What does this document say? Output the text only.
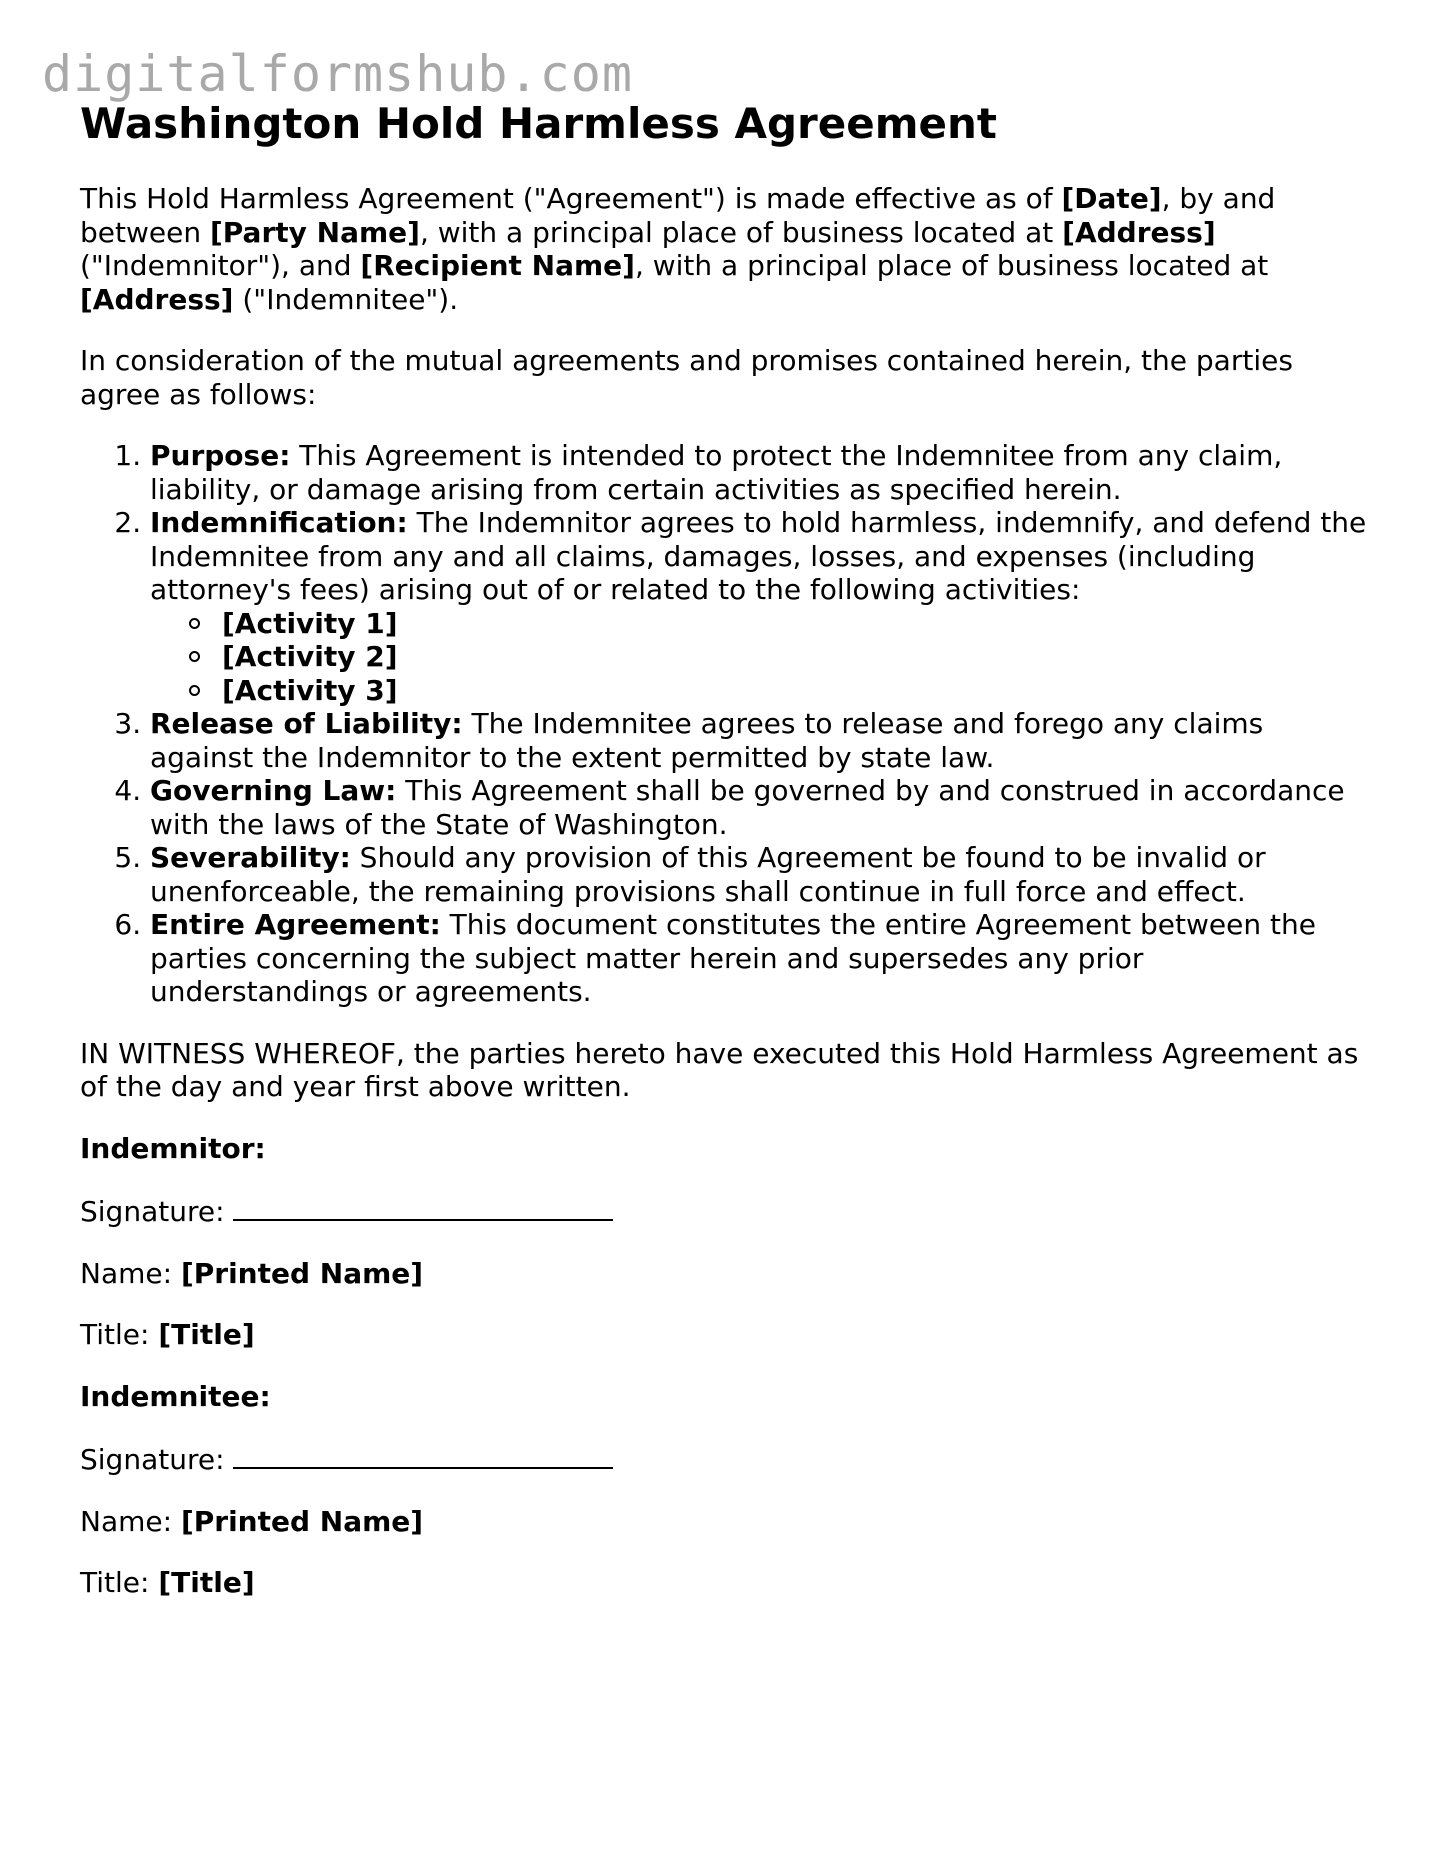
digitalformshub.com
Washington Hold Harmless Agreement

This Hold Harmless Agreement ("Agreement") is made effective as of [Date], by and between [Party Name], with a principal place of business located at [Address] ("Indemnitor"), and [Recipient Name], with a principal place of business located at [Address] ("Indemnitee").

In consideration of the mutual agreements and promises contained herein, the parties agree as follows:

1. Purpose: This Agreement is intended to protect the Indemnitee from any claim, liability, or damage arising from certain activities as specified herein.
2. Indemnification: The Indemnitor agrees to hold harmless, indemnify, and defend the Indemnitee from any and all claims, damages, losses, and expenses (including attorney's fees) arising out of or related to the following activities:
[Activity 1]
[Activity 2]
[Activity 3]
3. Release of Liability: The Indemnitee agrees to release and forego any claims against the Indemnitor to the extent permitted by state law.
4. Governing Law: This Agreement shall be governed by and construed in accordance with the laws of the State of Washington.
5. Severability: Should any provision of this Agreement be found to be invalid or unenforceable, the remaining provisions shall continue in full force and effect.
6. Entire Agreement: This document constitutes the entire Agreement between the parties concerning the subject matter herein and supersedes any prior understandings or agreements.

IN WITNESS WHEREOF, the parties hereto have executed this Hold Harmless Agreement as of the day and year first above written.

Indemnitor:

Signature:

Name: [Printed Name]

Title: [Title]

Indemnitee:

Signature:

Name: [Printed Name]

Title: [Title]
